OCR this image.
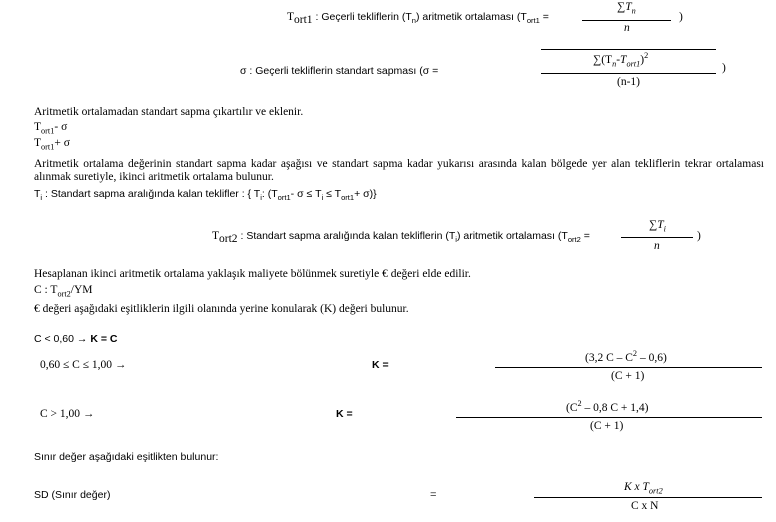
$T_{ort1}$ : Geçerli tekliflerin $(T_n)$ aritmetik ortalaması ($T_{ort1}$ =
$\sum T_n$
n
)
σ : Geçerli tekliflerin standart sapması (σ =
$\sum(T_n-T_{ort1})^2$
(n-1)
)
Aritmetik ortalamadan standart sapma çıkartılır ve eklenir.
$T_{ort1}-$ σ
$T_{ort1}+ \sigma$
Aritmetik ortalama değerinin standart sapma kadar aşağısı ve standart sapma kadar yukarısı arasında kalan bölgede yer alan tekliflerin tekrar ortalaması alınmak suretiyle, ikinci aritmetik ortalama bulunur.
$T_i$ : Standart sapma aralığında kalan teklifler : { $T_i$: ($T_{ort1}-$ $\sigma \le T_i \le T_{ort1}+ \sigma$)}
$T_{ort2}$ : Standart sapma aralığında kalan tekliflerin $(T_i)$ aritmetik ortalaması ($T_{ort2}$ =
$\sum T_i$
n
)
Hesaplanan ikinci aritmetik ortalama yaklaşık maliyete bölünmek suretiyle € değeri elde edilir.
C : $T_{ort2}/YM$
€ değeri aşağıdaki eşitliklerin ilgili olanında yerine konularak (K) değeri bulunur.
C < 0,60 → K = C
0,60 ≤ C ≤ 1,00 →	K =
(3,2 C – $C^2 - 0,6$)
(C + 1)
C > 1,00 →	K =	($C^2 - 0,8$ C + 1,4)
(C + 1)
Sınır değer aşağıdaki eşitlikten bulunur:
SD (Sınır değer)	=
K x $T_{ort2}$
C x N
